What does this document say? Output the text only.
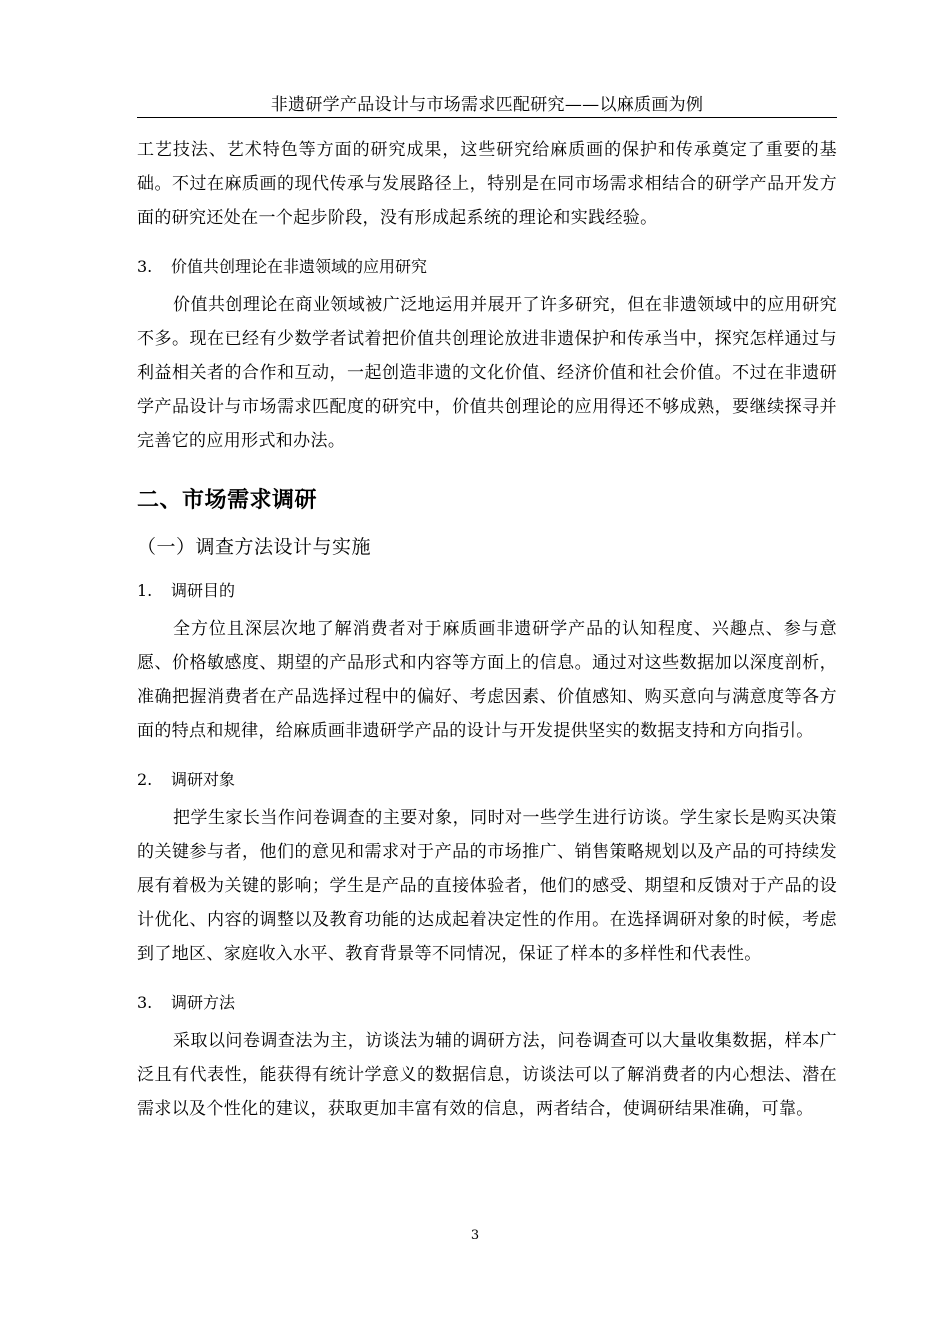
非遗研学产品设计与市场需求匹配研究——以麻质画为例

工艺技法、艺术特色等方面的研究成果，这些研究给麻质画的保护和传承奠定了重要的基础。不过在麻质画的现代传承与发展路径上，特别是在同市场需求相结合的研学产品开发方面的研究还处在一个起步阶段，没有形成起系统的理论和实践经验。

3. 价值共创理论在非遗领域的应用研究

价值共创理论在商业领域被广泛地运用并展开了许多研究，但在非遗领域中的应用研究不多。现在已经有少数学者试着把价值共创理论放进非遗保护和传承当中，探究怎样通过与利益相关者的合作和互动，一起创造非遗的文化价值、经济价值和社会价值。不过在非遗研学产品设计与市场需求匹配度的研究中，价值共创理论的应用得还不够成熟，要继续探寻并完善它的应用形式和办法。

二、市场需求调研

（一）调查方法设计与实施

1. 调研目的

全方位且深层次地了解消费者对于麻质画非遗研学产品的认知程度、兴趣点、参与意愿、价格敏感度、期望的产品形式和内容等方面上的信息。通过对这些数据加以深度剖析，准确把握消费者在产品选择过程中的偏好、考虑因素、价值感知、购买意向与满意度等各方面的特点和规律，给麻质画非遗研学产品的设计与开发提供坚实的数据支持和方向指引。

2. 调研对象

把学生家长当作问卷调查的主要对象，同时对一些学生进行访谈。学生家长是购买决策的关键参与者，他们的意见和需求对于产品的市场推广、销售策略规划以及产品的可持续发展有着极为关键的影响；学生是产品的直接体验者，他们的感受、期望和反馈对于产品的设计优化、内容的调整以及教育功能的达成起着决定性的作用。在选择调研对象的时候，考虑到了地区、家庭收入水平、教育背景等不同情况，保证了样本的多样性和代表性。

3. 调研方法

采取以问卷调查法为主，访谈法为辅的调研方法，问卷调查可以大量收集数据，样本广泛且有代表性，能获得有统计学意义的数据信息，访谈法可以了解消费者的内心想法、潜在需求以及个性化的建议，获取更加丰富有效的信息，两者结合，使调研结果准确，可靠。

3
